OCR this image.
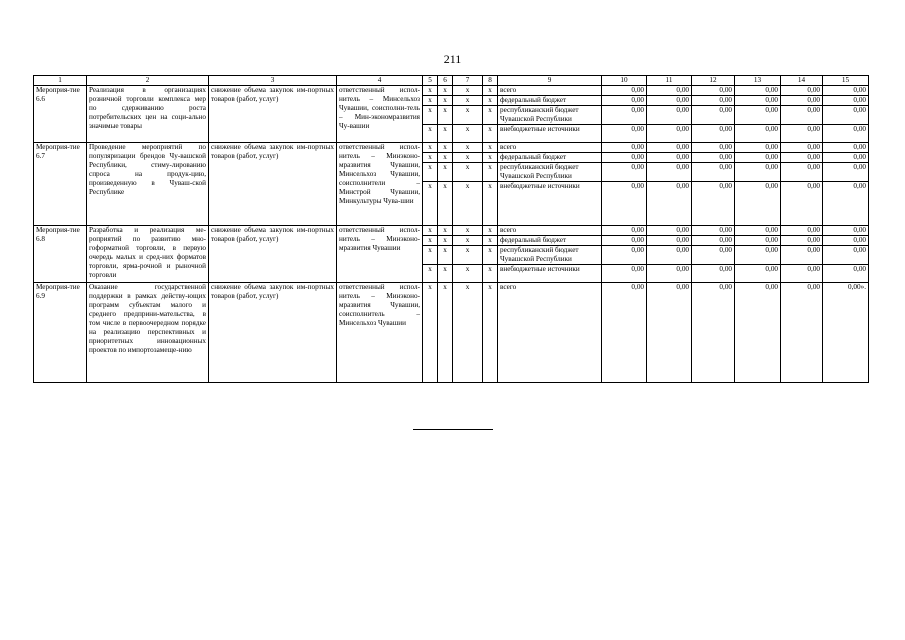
211
1	2	3	4	5	6	7	8	9	10	11	12	13	14	15
Мероприя-тие 6.6	Реализация в организациях розничной торговли комплекса мер по сдерживанию роста потребительских цен на соци-ально значимые товары	снижение объема закупок им-портных товаров (работ, услуг)	ответственный испол-нитель – Минсельхоз Чувашии, соисполни-тель – Мин-экономразвития Чу-вашии	x	x	x	x	всего	0,00	0,00	0,00	0,00	0,00	0,00
				x	x	x	x	федеральный бюджет	0,00	0,00	0,00	0,00	0,00	0,00
				x	x	x	x	республиканский бюджет Чувашской Республики	0,00	0,00	0,00	0,00	0,00	0,00
				x	x	x	x	внебюджетные источники	0,00	0,00	0,00	0,00	0,00	0,00
Мероприя-тие 6.7	Проведение мероприятий по популяризации брендов Чу-вашской Республики, стиму-лированию спроса на продук-цию, произведенную в Чуваш-ской Республике	снижение объема закупок им-портных товаров (работ, услуг)	ответственный испол-нитель – Минэконо-мразвития Чувашии, Минсельхоз Чувашии, соисполнители – Минстрой Чувашии, Минкультуры Чува-шии	x	x	x	x	всего	0,00	0,00	0,00	0,00	0,00	0,00
				x	x	x	x	федеральный бюджет	0,00	0,00	0,00	0,00	0,00	0,00
				x	x	x	x	республиканский бюджет Чувашской Республики	0,00	0,00	0,00	0,00	0,00	0,00
				x	x	x	x	внебюджетные источники	0,00	0,00	0,00	0,00	0,00	0,00
Мероприя-тие 6.8	Разработка и реализация ме-роприятий по развитию мно-гоформатной торговли, в первую очередь малых и сред-них форматов торговли, ярма-рочной и рыночной торговли	снижение объема закупок им-портных товаров (работ, услуг)	ответственный испол-нитель – Минэконо-мразвития Чувашии	x	x	x	x	всего	0,00	0,00	0,00	0,00	0,00	0,00
				x	x	x	x	федеральный бюджет	0,00	0,00	0,00	0,00	0,00	0,00
				x	x	x	x	республиканский бюджет Чувашской Республики	0,00	0,00	0,00	0,00	0,00	0,00
				x	x	x	x	внебюджетные источники	0,00	0,00	0,00	0,00	0,00	0,00
Мероприя-тие 6.9	Оказание государственной поддержки в рамках действу-ющих программ субъектам малого и среднего предприни-мательства, в том числе в первоочередном порядке на реализацию перспективных и приоритетных инновационных проектов по импортозамеще-нию	снижение объема закупок им-портных товаров (работ, услуг)	ответственный испол-нитель – Минэконо-мразвития Чувашии, соисполнитель – Минсельхоз Чувашии	x	x	x	x	всего	0,00	0,00	0,00	0,00	0,00	0,00».
